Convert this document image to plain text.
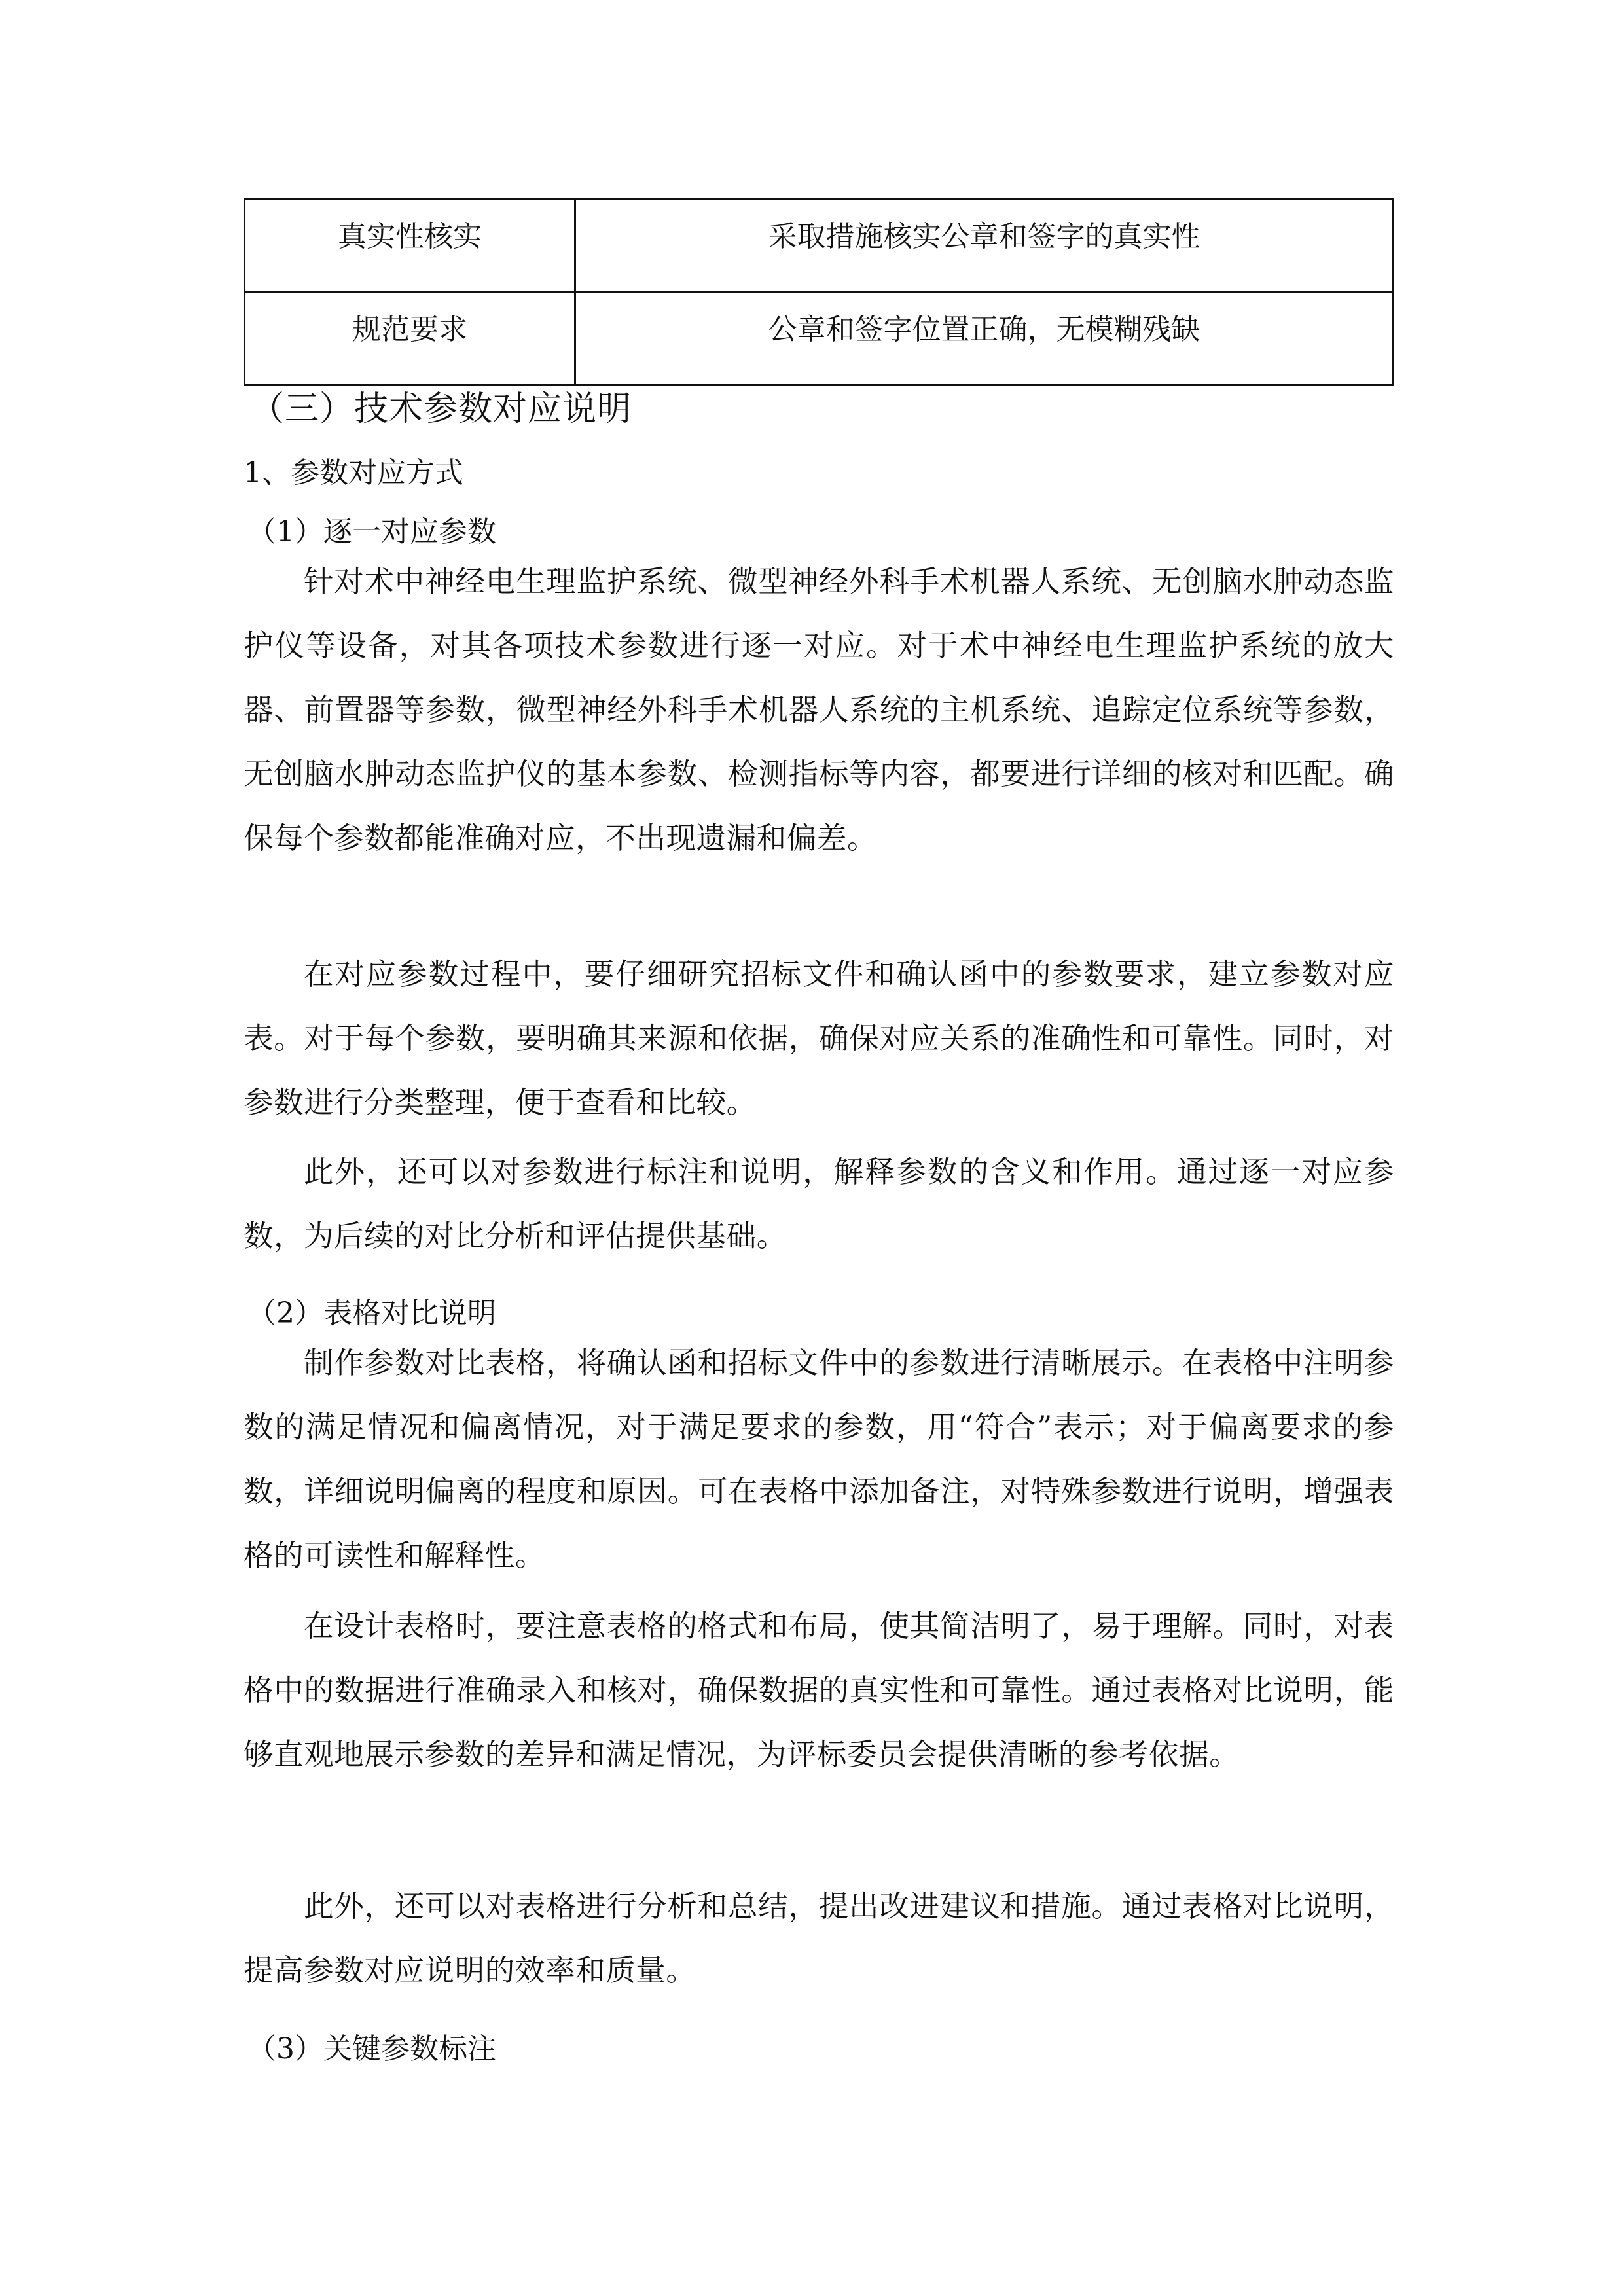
真实性核实	采取措施核实公章和签字的真实性
规范要求	公章和签字位置正确，无模糊残缺
（三）技术参数对应说明
1、参数对应方式
（1）逐一对应参数

针对术中神经电生理监护系统、微型神经外科手术机器人系统、无创脑水肿动态监护仪等设备，对其各项技术参数进行逐一对应。对于术中神经电生理监护系统的放大器、前置器等参数，微型神经外科手术机器人系统的主机系统、追踪定位系统等参数，无创脑水肿动态监护仪的基本参数、检测指标等内容，都要进行详细的核对和匹配。确保每个参数都能准确对应，不出现遗漏和偏差。

在对应参数过程中，要仔细研究招标文件和确认函中的参数要求，建立参数对应表。对于每个参数，要明确其来源和依据，确保对应关系的准确性和可靠性。同时，对参数进行分类整理，便于查看和比较。

此外，还可以对参数进行标注和说明，解释参数的含义和作用。通过逐一对应参数，为后续的对比分析和评估提供基础。

（2）表格对比说明

制作参数对比表格，将确认函和招标文件中的参数进行清晰展示。在表格中注明参数的满足情况和偏离情况，对于满足要求的参数，用“符合”表示；对于偏离要求的参数，详细说明偏离的程度和原因。可在表格中添加备注，对特殊参数进行说明，增强表格的可读性和解释性。

在设计表格时，要注意表格的格式和布局，使其简洁明了，易于理解。同时，对表格中的数据进行准确录入和核对，确保数据的真实性和可靠性。通过表格对比说明，能够直观地展示参数的差异和满足情况，为评标委员会提供清晰的参考依据。

此外，还可以对表格进行分析和总结，提出改进建议和措施。通过表格对比说明，提高参数对应说明的效率和质量。

（3）关键参数标注
